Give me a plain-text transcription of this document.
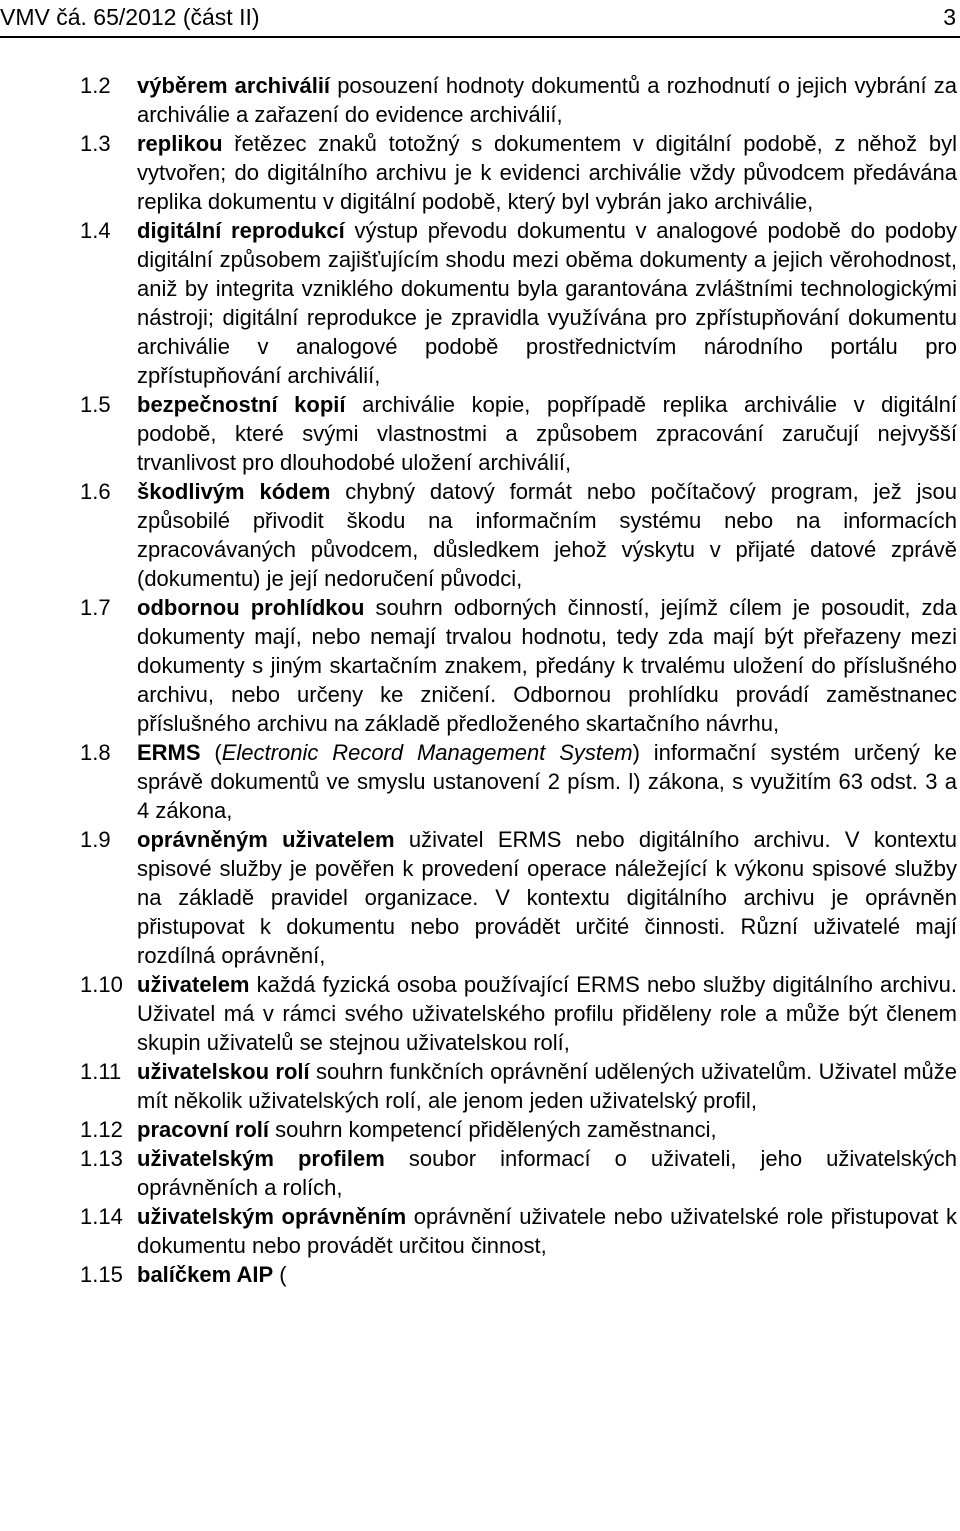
VMV čá. 65/2012 (část II)	3
1.2	výběrem archiválií posouzení hodnoty dokumentů a rozhodnutí o jejich vybrání za archiválie a zařazení do evidence archiválií,
1.3	replikou řetězec znaků totožný s dokumentem v digitální podobě, z něhož byl vytvořen; do digitálního archivu je k evidenci archiválie vždy původcem předávána replika dokumentu v digitální podobě, který byl vybrán jako archiválie,
1.4	digitální reprodukcí výstup převodu dokumentu v analogové podobě do podoby digitální způsobem zajišťujícím shodu mezi oběma dokumenty a jejich věrohodnost, aniž by integrita vzniklého dokumentu byla garantována zvláštními technologickými nástroji; digitální reprodukce je zpravidla využívána pro zpřístupňování dokumentu archiválie v analogové podobě prostřednictvím národního portálu pro zpřístupňování archiválií,
1.5	bezpečnostní kopií archiválie kopie, popřípadě replika archiválie v digitální podobě, které svými vlastnostmi a způsobem zpracování zaručují nejvyšší trvanlivost pro dlouhodobé uložení archiválií,
1.6	škodlivým kódem chybný datový formát nebo počítačový program, jež jsou způsobilé přivodit škodu na informačním systému nebo na informacích zpracovávaných původcem, důsledkem jehož výskytu v přijaté datové zprávě (dokumentu) je její nedoručení původci,
1.7	odbornou prohlídkou souhrn odborných činností, jejímž cílem je posoudit, zda dokumenty mají, nebo nemají trvalou hodnotu, tedy zda mají být přeřazeny mezi dokumenty s jiným skartačním znakem, předány k trvalému uložení do příslušného archivu, nebo určeny ke zničení. Odbornou prohlídku provádí zaměstnanec příslušného archivu na základě předloženého skartačního návrhu,
1.8	ERMS (Electronic Record Management System) informační systém určený ke správě dokumentů ve smyslu ustanovení 2 písm. l) zákona, s využitím 63 odst. 3 a 4 zákona,
1.9	oprávněným uživatelem uživatel ERMS nebo digitálního archivu. V kontextu spisové služby je pověřen k provedení operace náležející k výkonu spisové služby na základě pravidel organizace. V kontextu digitálního archivu je oprávněn přistupovat k dokumentu nebo provádět určité činnosti. Různí uživatelé mají rozdílná oprávnění,
1.10 uživatelem každá fyzická osoba používající ERMS nebo služby digitálního archivu. Uživatel má v rámci svého uživatelského profilu přiděleny role a může být členem skupin uživatelů se stejnou uživatelskou rolí,
1.11 uživatelskou rolí souhrn funkčních oprávnění udělených uživatelům. Uživatel může mít několik uživatelských rolí, ale jenom jeden uživatelský profil,
1.12 pracovní rolí souhrn kompetencí přidělených zaměstnanci,
1.13 uživatelským profilem soubor informací o uživateli, jeho uživatelských oprávněních a rolích,
1.14 uživatelským oprávněním oprávnění uživatele nebo uživatelské role přistupovat k dokumentu nebo provádět určitou činnost,
1.15 balíčkem AIP (
